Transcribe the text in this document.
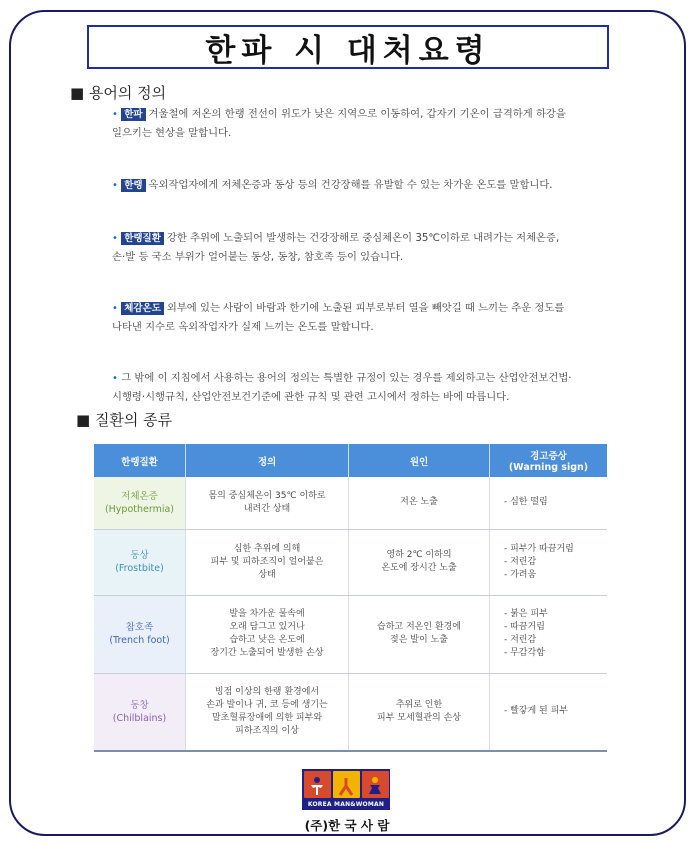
한파 시 대처요령
■ 용어의 정의
• 한파 겨울철에 저온의 한랭 전선이 위도가 낮은 지역으로 이동하여, 갑자기 기온이 급격하게 하강을
일으키는 현상을 말합니다.
• 한랭 옥외작업자에게 저체온증과 동상 등의 건강장해를 유발할 수 있는 차가운 온도를 말합니다.
• 한랭질환 강한 추위에 노출되어 발생하는 건강장해로 중심체온이 35℃이하로 내려가는 저체온증,
손·발 등 국소 부위가 얼어붙는 동상, 동창, 참호족 등이 있습니다.
• 체감온도 외부에 있는 사람이 바람과 한기에 노출된 피부로부터 열을 빼앗길 때 느끼는 추운 정도를
나타낸 지수로 옥외작업자가 실제 느끼는 온도를 말합니다.
• 그 밖에 이 지침에서 사용하는 용어의 정의는 특별한 규정이 있는 경우를 제외하고는 산업안전보건법·
시행령·시행규칙, 산업안전보건기준에 관한 규칙 및 관련 고시에서 정하는 바에 따릅니다.
■ 질환의 종류
한랭질환	정의	원인	경고증상
(Warning sign)
저체온증
(Hypothermia)	몸의 중심체온이 35℃ 이하로
내려간 상태	저온 노출	- 심한 떨림
동상
(Frostbite)	심한 추위에 의해
피부 및 피하조직이 얼어붙은
상태	영하 2℃ 이하의
온도에 장시간 노출	- 피부가 따끔거림
- 저린감
- 가려움
참호족
(Trench foot)	발을 차가운 물속에
오래 담그고 있거나
습하고 낮은 온도에
장기간 노출되어 발생한 손상	습하고 저온인 환경에
젖은 발이 노출	- 붉은 피부
- 따끔거림
- 저린감
- 무감각함
동창
(Chilblains)	빙점 이상의 한랭 환경에서
손과 발이나 귀, 코 등에 생기는
말초혈류장애에 의한 피부와
피하조직의 이상	추위로 인한
피부 모세혈관의 손상	- 빨갛게 된 피부
KOREA MAN&WOMAN
(주)한 국 사 람
